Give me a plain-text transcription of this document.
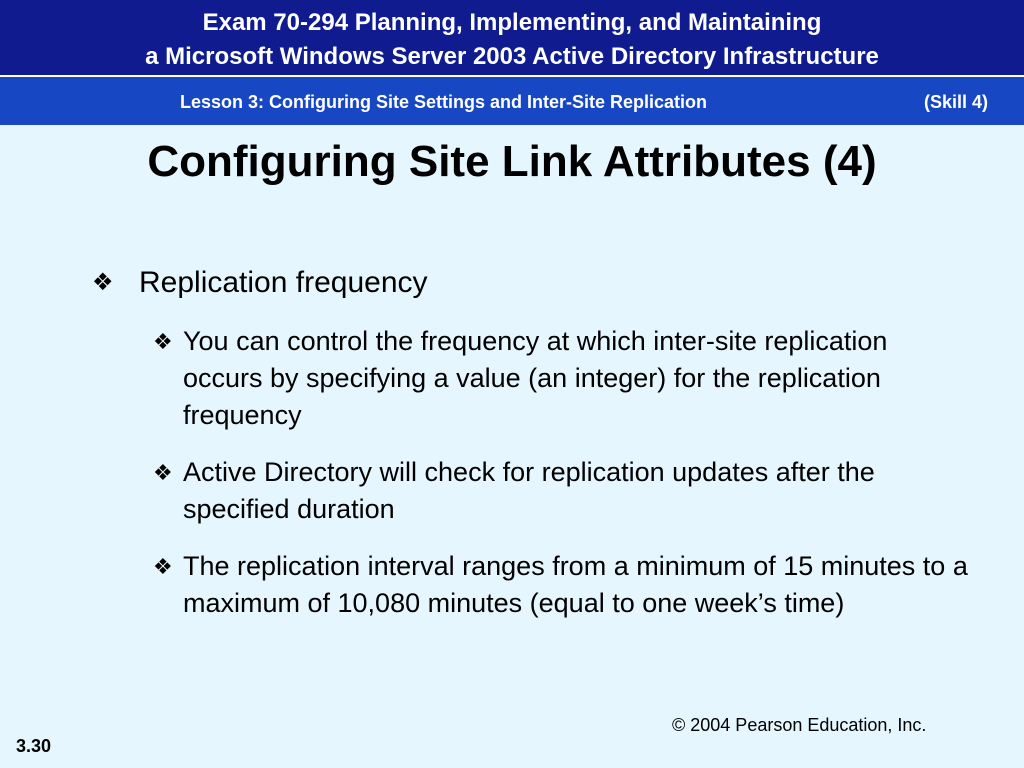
Exam 70-294 Planning, Implementing, and Maintaining
a Microsoft Windows Server 2003 Active Directory Infrastructure
Lesson 3: Configuring Site Settings and Inter-Site Replication	(Skill 4)
Configuring Site Link Attributes (4)
❖ Replication frequency
❖ You can control the frequency at which inter-site replication occurs by specifying a value (an integer) for the replication frequency
❖ Active Directory will check for replication updates after the specified duration
❖ The replication interval ranges from a minimum of 15 minutes to a maximum of 10,080 minutes (equal to one week’s time)
© 2004 Pearson Education, Inc.
3.30
